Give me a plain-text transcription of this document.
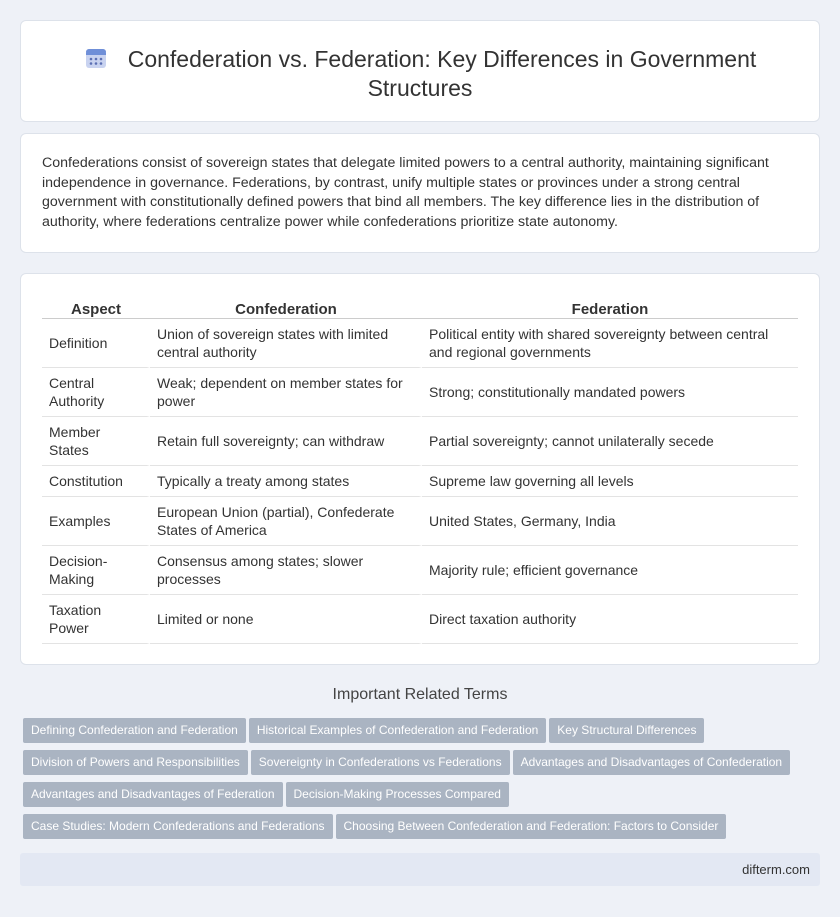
Confederation vs. Federation: Key Differences in Government Structures

Confederations consist of sovereign states that delegate limited powers to a central authority, maintaining significant independence in governance. Federations, by contrast, unify multiple states or provinces under a strong central government with constitutionally defined powers that bind all members. The key difference lies in the distribution of authority, where federations centralize power while confederations prioritize state autonomy.

Aspect	Confederation	Federation
Definition	Union of sovereign states with limited central authority	Political entity with shared sovereignty between central and regional governments
Central Authority	Weak; dependent on member states for power	Strong; constitutionally mandated powers
Member States	Retain full sovereignty; can withdraw	Partial sovereignty; cannot unilaterally secede
Constitution	Typically a treaty among states	Supreme law governing all levels
Examples	European Union (partial), Confederate States of America	United States, Germany, India
Decision-Making	Consensus among states; slower processes	Majority rule; efficient governance
Taxation Power	Limited or none	Direct taxation authority
Important Related Terms
Defining Confederation and Federation Historical Examples of Confederation and Federation Key Structural Differences
Division of Powers and Responsibilities Sovereignty in Confederations vs Federations Advantages and Disadvantages of Confederation
Advantages and Disadvantages of Federation Decision-Making Processes Compared
Case Studies: Modern Confederations and Federations Choosing Between Confederation and Federation: Factors to Consider
difterm.com
